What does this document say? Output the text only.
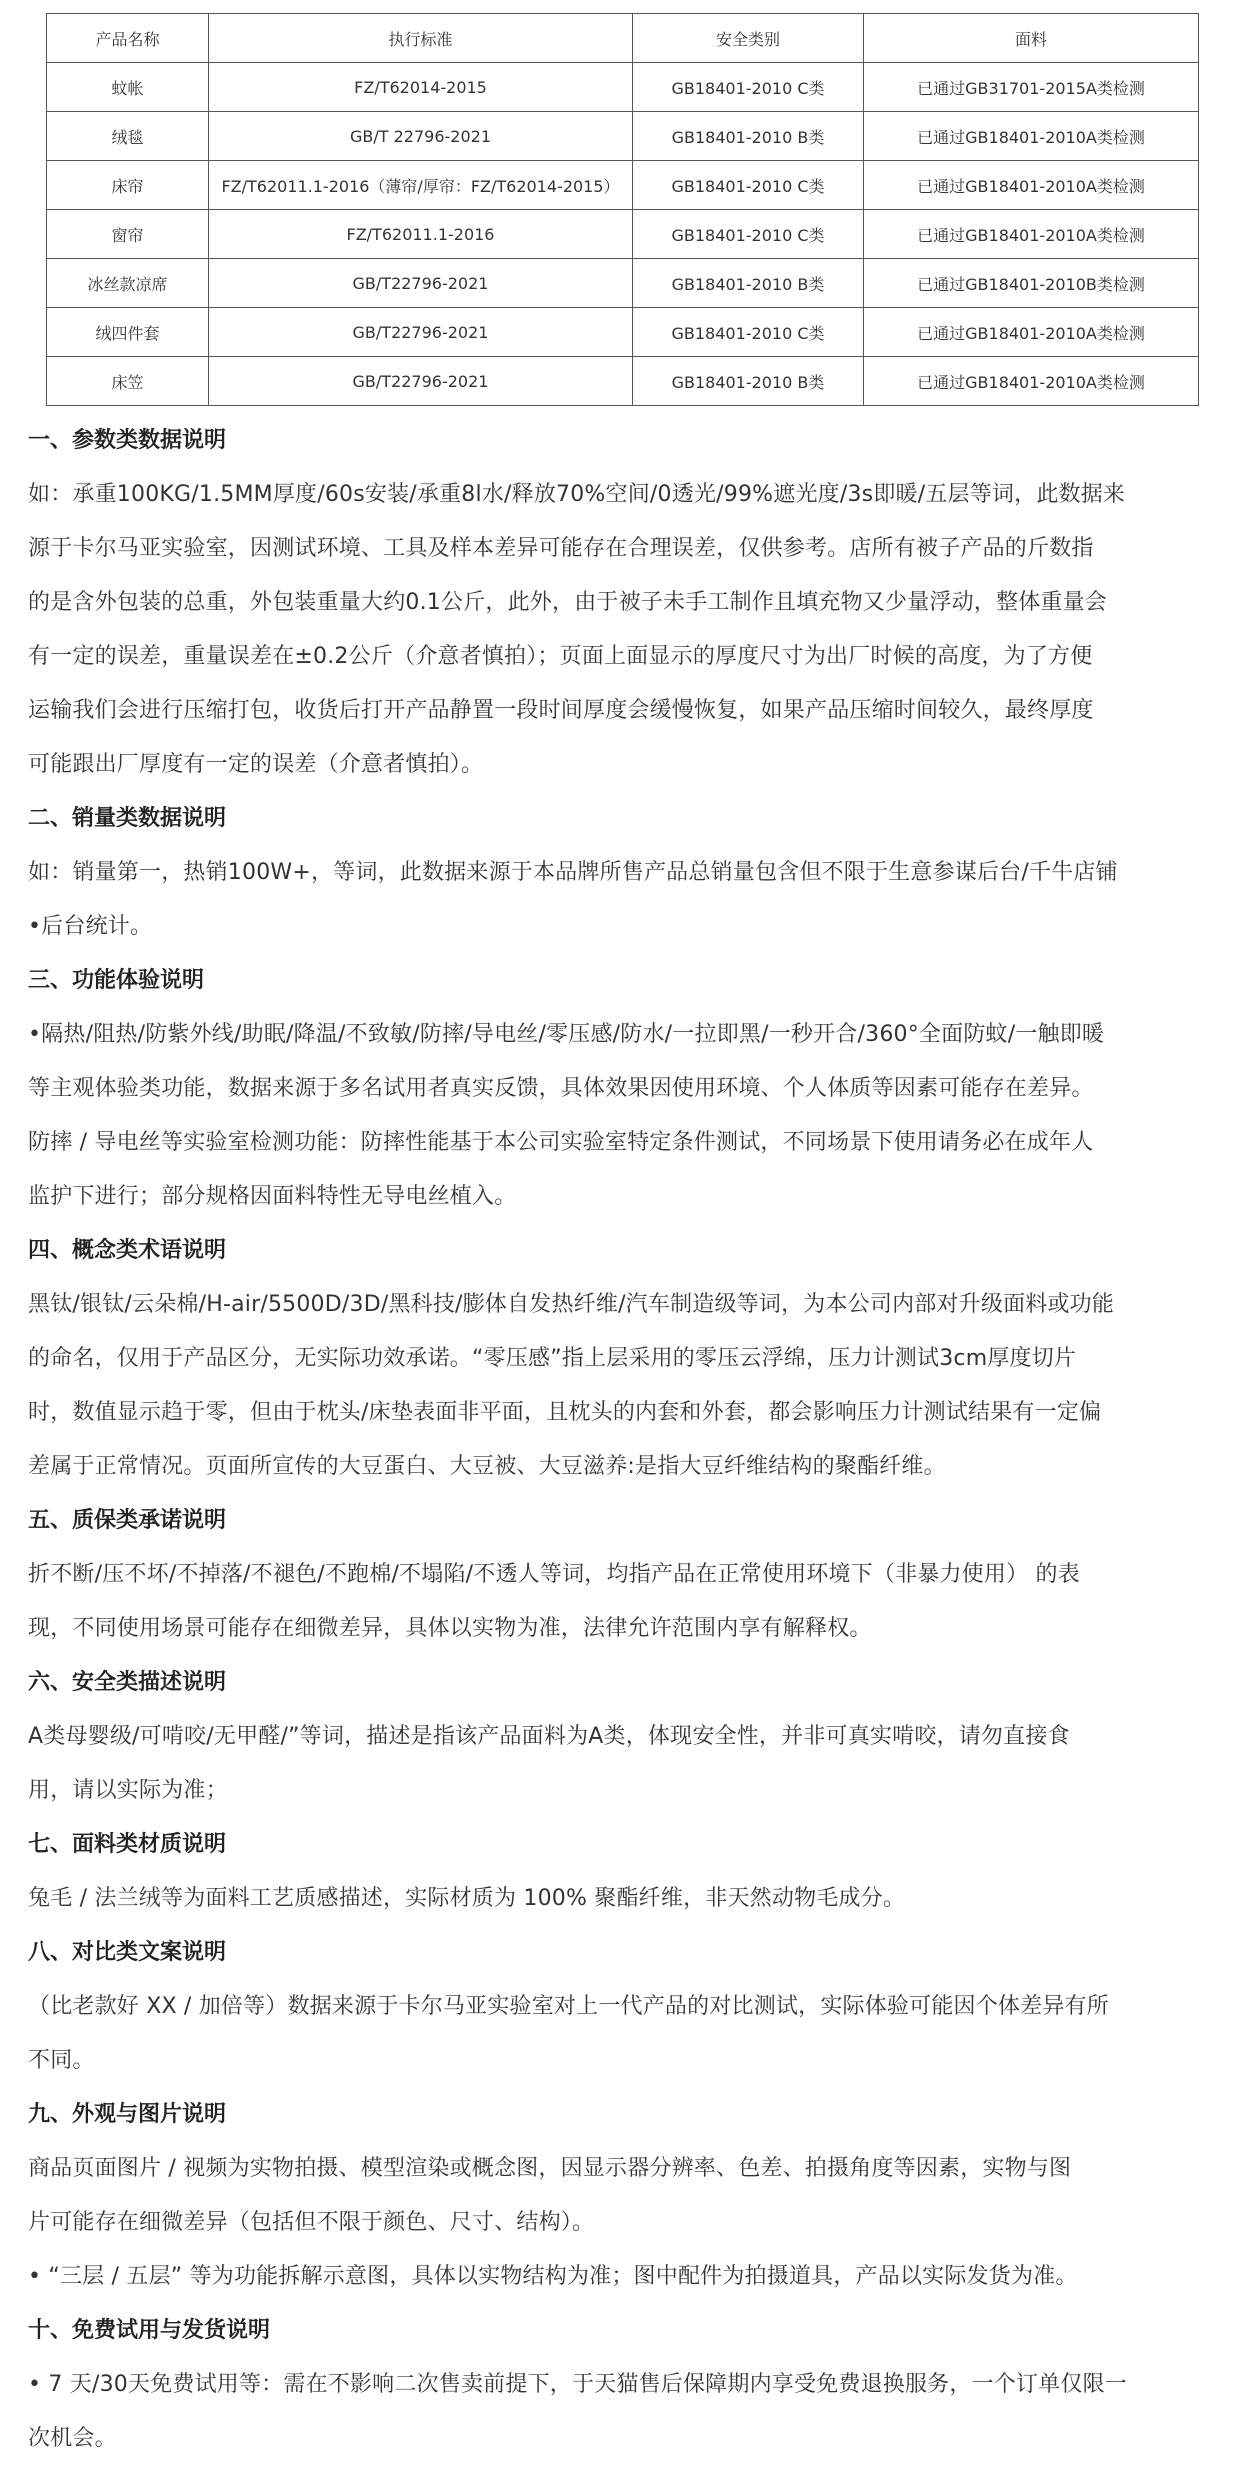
产品名称	执行标准	安全类别	面料
蚊帐	FZ/T62014-2015	GB18401-2010 C类	已通过GB31701-2015A类检测
绒毯	GB/T 22796-2021	GB18401-2010 B类	已通过GB18401-2010A类检测
床帘	FZ/T62011.1-2016（薄帘/厚帘：FZ/T62014-2015）	GB18401-2010 C类	已通过GB18401-2010A类检测
窗帘	FZ/T62011.1-2016	GB18401-2010 C类	已通过GB18401-2010A类检测
冰丝款凉席	GB/T22796-2021	GB18401-2010 B类	已通过GB18401-2010B类检测
绒四件套	GB/T22796-2021	GB18401-2010 C类	已通过GB18401-2010A类检测
床笠	GB/T22796-2021	GB18401-2010 B类	已通过GB18401-2010A类检测
一、参数类数据说明

如：承重100KG/1.5MM厚度/60s安装/承重8l水/释放70%空间/0透光/99%遮光度/3s即暖/五层等词，此数据来

源于卡尔马亚实验室，因测试环境、工具及样本差异可能存在合理误差，仅供参考。店所有被子产品的斤数指

的是含外包装的总重，外包装重量大约0.1公斤，此外，由于被子未手工制作且填充物又少量浮动，整体重量会

有一定的误差，重量误差在±0.2公斤（介意者慎拍）；页面上面显示的厚度尺寸为出厂时候的高度，为了方便

运输我们会进行压缩打包，收货后打开产品静置一段时间厚度会缓慢恢复，如果产品压缩时间较久，最终厚度

可能跟出厂厚度有一定的误差（介意者慎拍）。

二、销量类数据说明

如：销量第一，热销100W+，等词，此数据来源于本品牌所售产品总销量包含但不限于生意参谋后台/千牛店铺

•后台统计。

三、功能体验说明

•隔热/阻热/防紫外线/助眠/降温/不致敏/防摔/导电丝/零压感/防水/一拉即黑/一秒开合/360°全面防蚊/一触即暖

等主观体验类功能，数据来源于多名试用者真实反馈，具体效果因使用环境、个人体质等因素可能存在差异。

防摔 / 导电丝等实验室检测功能：防摔性能基于本公司实验室特定条件测试，不同场景下使用请务必在成年人

监护下进行；部分规格因面料特性无导电丝植入。

四、概念类术语说明

黑钛/银钛/云朵棉/H-air/5500D/3D/黑科技/膨体自发热纤维/汽车制造级等词，为本公司内部对升级面料或功能

的命名，仅用于产品区分，无实际功效承诺。“零压感”指上层采用的零压云浮绵，压力计测试3cm厚度切片

时，数值显示趋于零，但由于枕头/床垫表面非平面，且枕头的内套和外套，都会影响压力计测试结果有一定偏

差属于正常情况。页面所宣传的大豆蛋白、大豆被、大豆滋养:是指大豆纤维结构的聚酯纤维。

五、质保类承诺说明

折不断/压不坏/不掉落/不褪色/不跑棉/不塌陷/不透人等词，均指产品在正常使用环境下（非暴力使用） 的表

现，不同使用场景可能存在细微差异，具体以实物为准，法律允许范围内享有解释权。

六、安全类描述说明

A类母婴级/可啃咬/无甲醛/”等词，描述是指该产品面料为A类，体现安全性，并非可真实啃咬，请勿直接食

用，请以实际为准；

七、面料类材质说明

兔毛 / 法兰绒等为面料工艺质感描述，实际材质为 100% 聚酯纤维，非天然动物毛成分。

八、对比类文案说明

（比老款好 XX / 加倍等）数据来源于卡尔马亚实验室对上一代产品的对比测试，实际体验可能因个体差异有所

不同。

九、外观与图片说明

商品页面图片 / 视频为实物拍摄、模型渲染或概念图，因显示器分辨率、色差、拍摄角度等因素，实物与图

片可能存在细微差异（包括但不限于颜色、尺寸、结构）。

• “三层 / 五层” 等为功能拆解示意图，具体以实物结构为准；图中配件为拍摄道具，产品以实际发货为准。

十、免费试用与发货说明

• 7 天/30天免费试用等：需在不影响二次售卖前提下，于天猫售后保障期内享受免费退换服务，一个订单仅限一

次机会。
